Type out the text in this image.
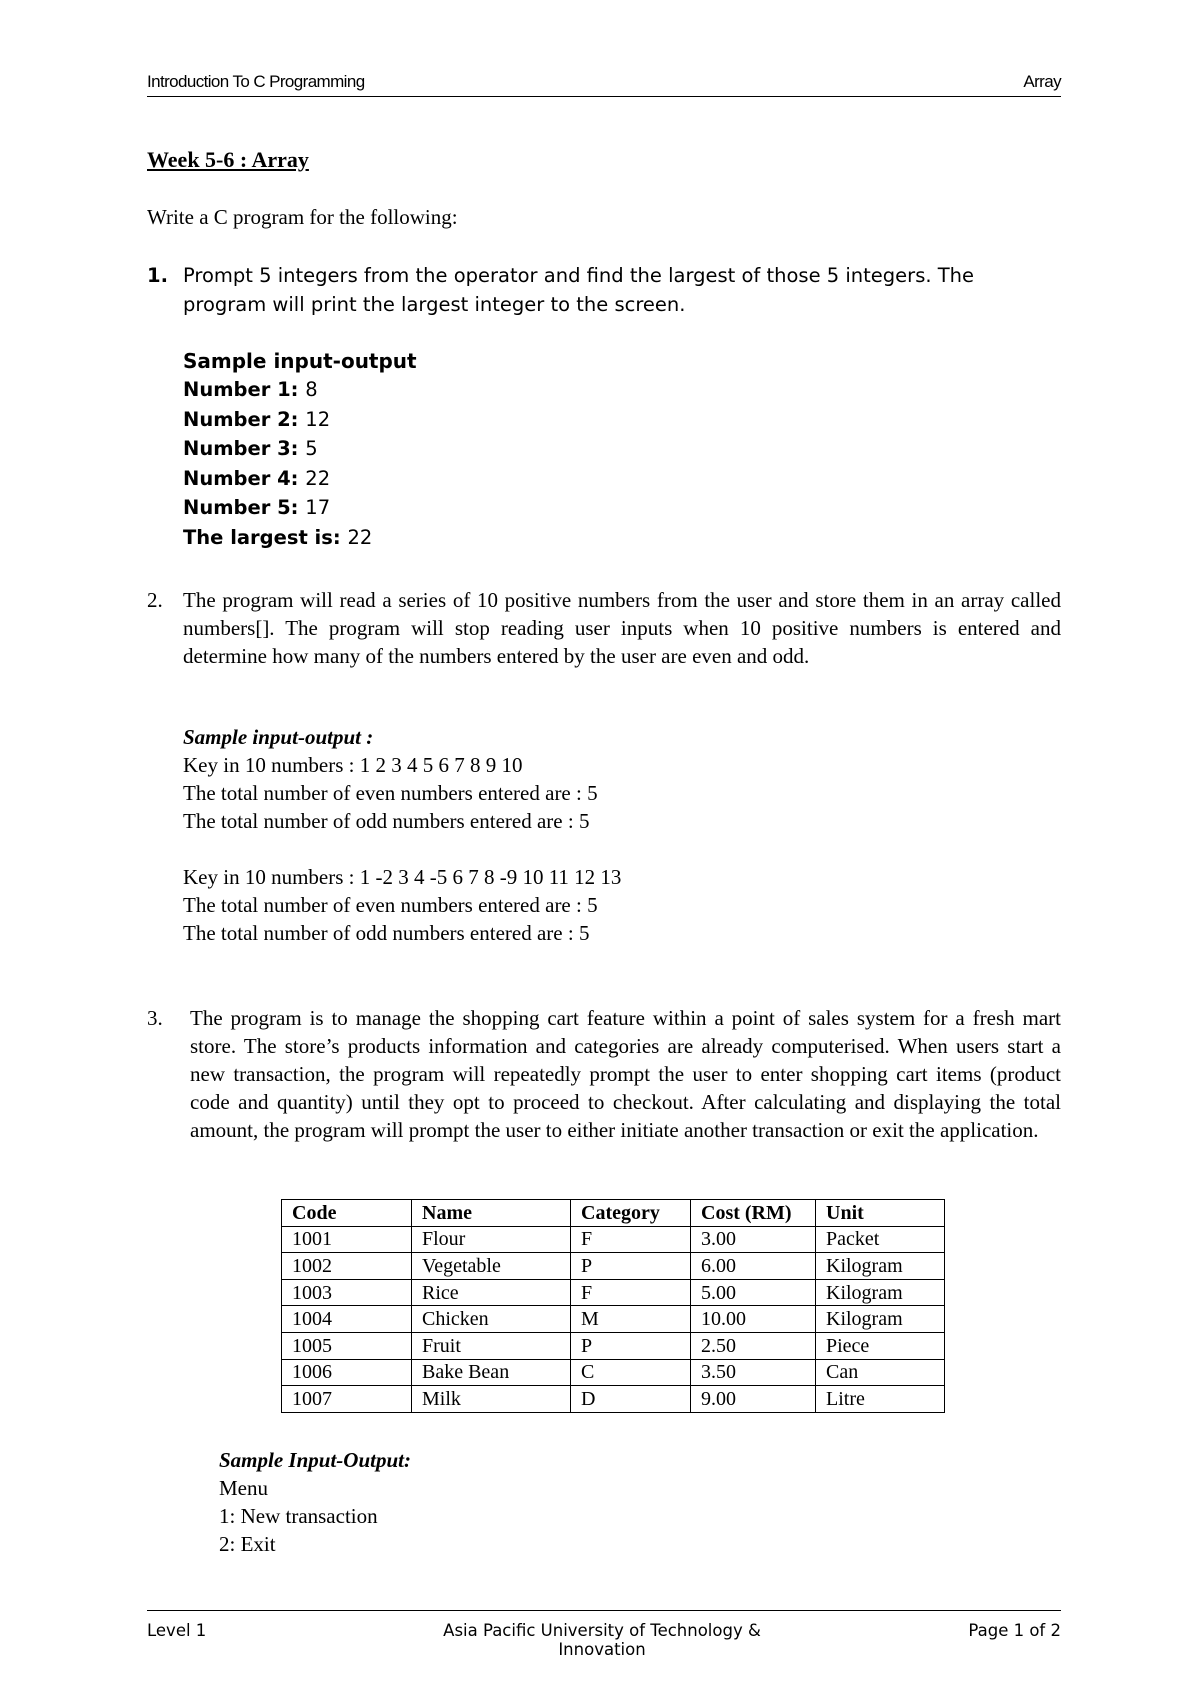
Introduction To C Programming	Array
Week 5-6 : Array
Write a C program for the following:
1. Prompt 5 integers from the operator and find the largest of those 5 integers. The

program will print the largest integer to the screen.

Sample input-output
Number 1: 8
Number 2: 12
Number 3: 5
Number 4: 22
Number 5: 17
The largest is: 22
2. The program will read a series of 10 positive numbers from the user and store them in an array called numbers[]. The program will stop reading user inputs when 10 positive numbers is entered and determine how many of the numbers entered by the user are even and odd.
Sample input-output :
Key in 10 numbers : 1 2 3 4 5 6 7 8 9 10
The total number of even numbers entered are : 5
The total number of odd numbers entered are : 5
Key in 10 numbers : 1 -2 3 4 -5 6 7 8 -9 10 11 12 13
The total number of even numbers entered are : 5
The total number of odd numbers entered are : 5
3. The program is to manage the shopping cart feature within a point of sales system for a fresh mart store. The store’s products information and categories are already computerised. When users start a new transaction, the program will repeatedly prompt the user to enter shopping cart items (product code and quantity) until they opt to proceed to checkout. After calculating and displaying the total amount, the program will prompt the user to either initiate another transaction or exit the application.
Code	Name	Category	Cost (RM)	Unit
1001	Flour	F	3.00	Packet
1002	Vegetable	P	6.00	Kilogram
1003	Rice	F	5.00	Kilogram
1004	Chicken	M	10.00	Kilogram
1005	Fruit	P	2.50	Piece
1006	Bake Bean	C	3.50	Can
1007	Milk	D	9.00	Litre
Sample Input-Output:
Menu
1: New transaction
2: Exit
Level 1	Asia Pacific University of Technology & Innovation
Page 1 of 2
